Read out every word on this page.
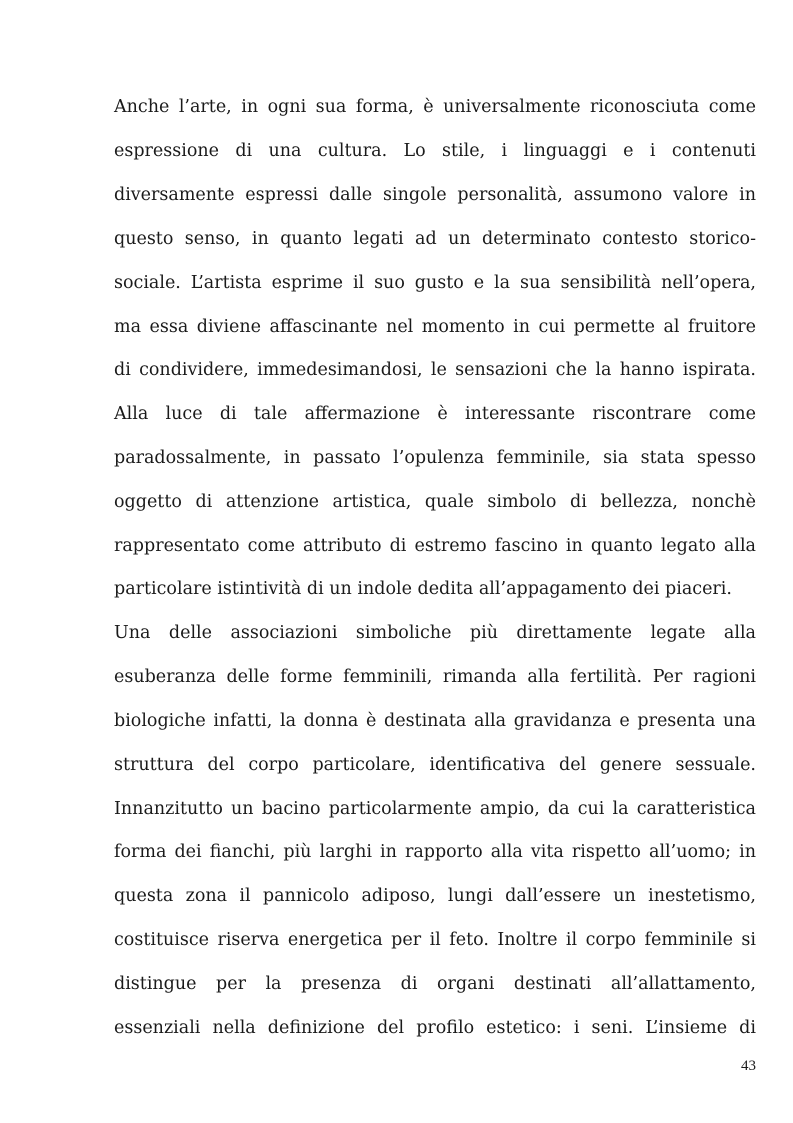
Anche l’arte, in ogni sua forma, è universalmente riconosciuta come
espressione di una cultura. Lo stile, i linguaggi e i contenuti
diversamente espressi dalle singole personalità, assumono valore in
questo senso, in quanto legati ad un determinato contesto storico-
sociale. L’artista esprime il suo gusto e la sua sensibilità nell’opera,
ma essa diviene affascinante nel momento in cui permette al fruitore
di condividere, immedesimandosi, le sensazioni che la hanno ispirata.
Alla luce di tale affermazione è interessante riscontrare come
paradossalmente, in passato l’opulenza femminile, sia stata spesso
oggetto di attenzione artistica, quale simbolo di bellezza, nonchè
rappresentato come attributo di estremo fascino in quanto legato alla
particolare istintività di un indole dedita all’appagamento dei piaceri.
Una delle associazioni simboliche più direttamente legate alla
esuberanza delle forme femminili, rimanda alla fertilità. Per ragioni
biologiche infatti, la donna è destinata alla gravidanza e presenta una
struttura del corpo particolare, identificativa del genere sessuale.
Innanzitutto un bacino particolarmente ampio, da cui la caratteristica
forma dei fianchi, più larghi in rapporto alla vita rispetto all’uomo; in
questa zona il pannicolo adiposo, lungi dall’essere un inestetismo,
costituisce riserva energetica per il feto. Inoltre il corpo femminile si
distingue per la presenza di organi destinati all’allattamento,
essenziali nella definizione del profilo estetico: i seni. L’insieme di
43
